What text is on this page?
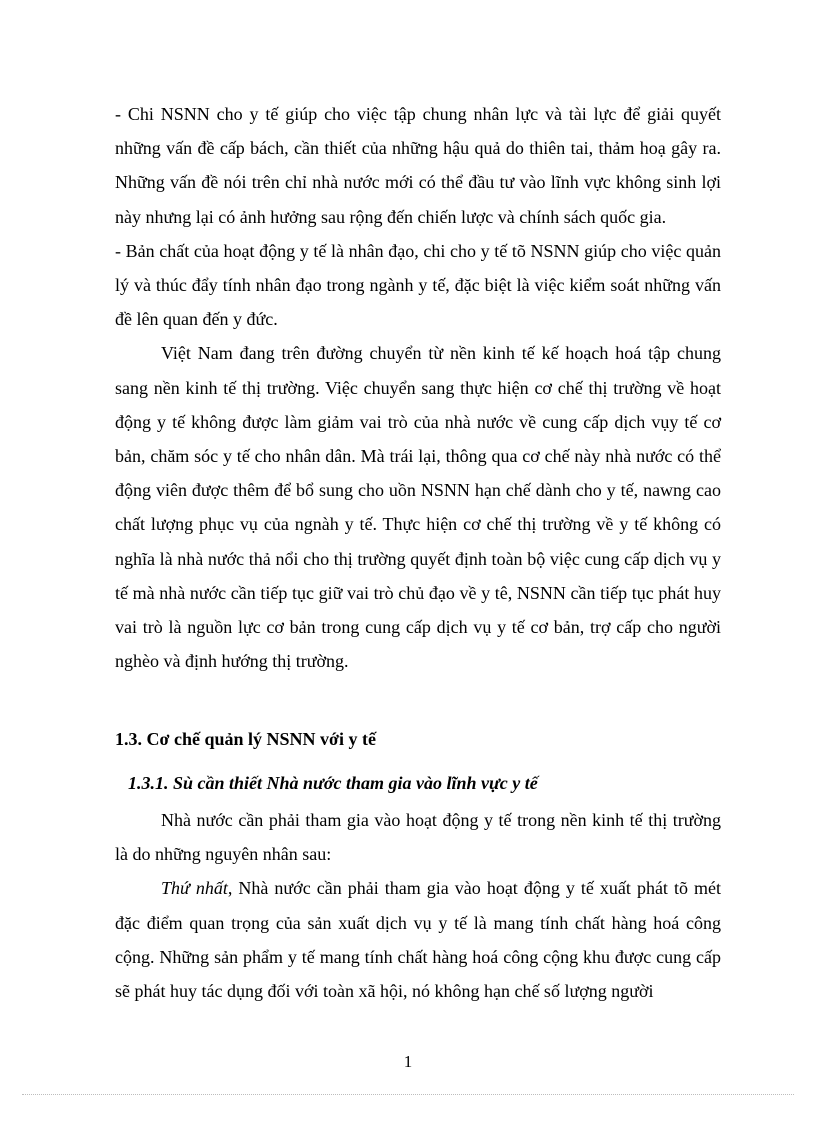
- Chi NSNN cho y tế giúp cho việc tập chung nhân lực và tài lực để giải quyết những vấn đề cấp bách, cần thiết của những hậu quả do thiên tai, thảm hoạ gây ra. Những vấn đề nói trên chỉ nhà nước mới có thể đầu tư vào lĩnh vực không sinh lợi này nhưng lại có ảnh hưởng sau rộng đến chiến lược và chính sách quốc gia.

- Bản chất của hoạt động y tế là nhân đạo, chi cho y tế tõ NSNN giúp cho việc quản lý và thúc đẩy tính nhân đạo trong ngành y tế, đặc biệt là việc kiểm soát những vấn đề lên quan đến y đức.

Việt Nam đang trên đường chuyển từ nền kinh tế kế hoạch hoá tập chung sang nền kinh tế thị trường. Việc chuyển sang thực hiện cơ chế thị trường về hoạt động y tế không được làm giảm vai trò của nhà nước về cung cấp dịch vụy tế cơ bản, chăm sóc y tế cho nhân dân. Mà trái lại, thông qua cơ chế này nhà nước có thể động viên được thêm để bổ sung cho uồn NSNN hạn chế dành cho y tế, nawng cao chất lượng phục vụ của ngnàh y tế. Thực hiện cơ chế thị trường về y tế không có nghĩa là nhà nước thả nổi cho thị trường quyết định toàn bộ việc cung cấp dịch vụ y tế mà nhà nước cần tiếp tục giữ vai trò chủ đạo về y tê, NSNN cần tiếp tục phát huy vai trò là nguồn lực cơ bản trong cung cấp dịch vụ y tế cơ bản, trợ cấp cho người nghèo và định hướng thị trường.

1.3. Cơ chế quản lý NSNN với y tế
1.3.1. Sù cần thiết Nhà nước tham gia vào lĩnh vực y tế

Nhà nước cần phải tham gia vào hoạt động y tế trong nền kinh tế thị trường là do những nguyên nhân sau:

Thứ nhất, Nhà nước cần phải tham gia vào hoạt động y tế xuất phát tõ mét đặc điểm quan trọng của sản xuất dịch vụ y tế là mang tính chất hàng hoá công cộng. Những sản phẩm y tế mang tính chất hàng hoá công cộng khu được cung cấp sẽ phát huy tác dụng đối với toàn xã hội, nó không hạn chế số lượng người

1
